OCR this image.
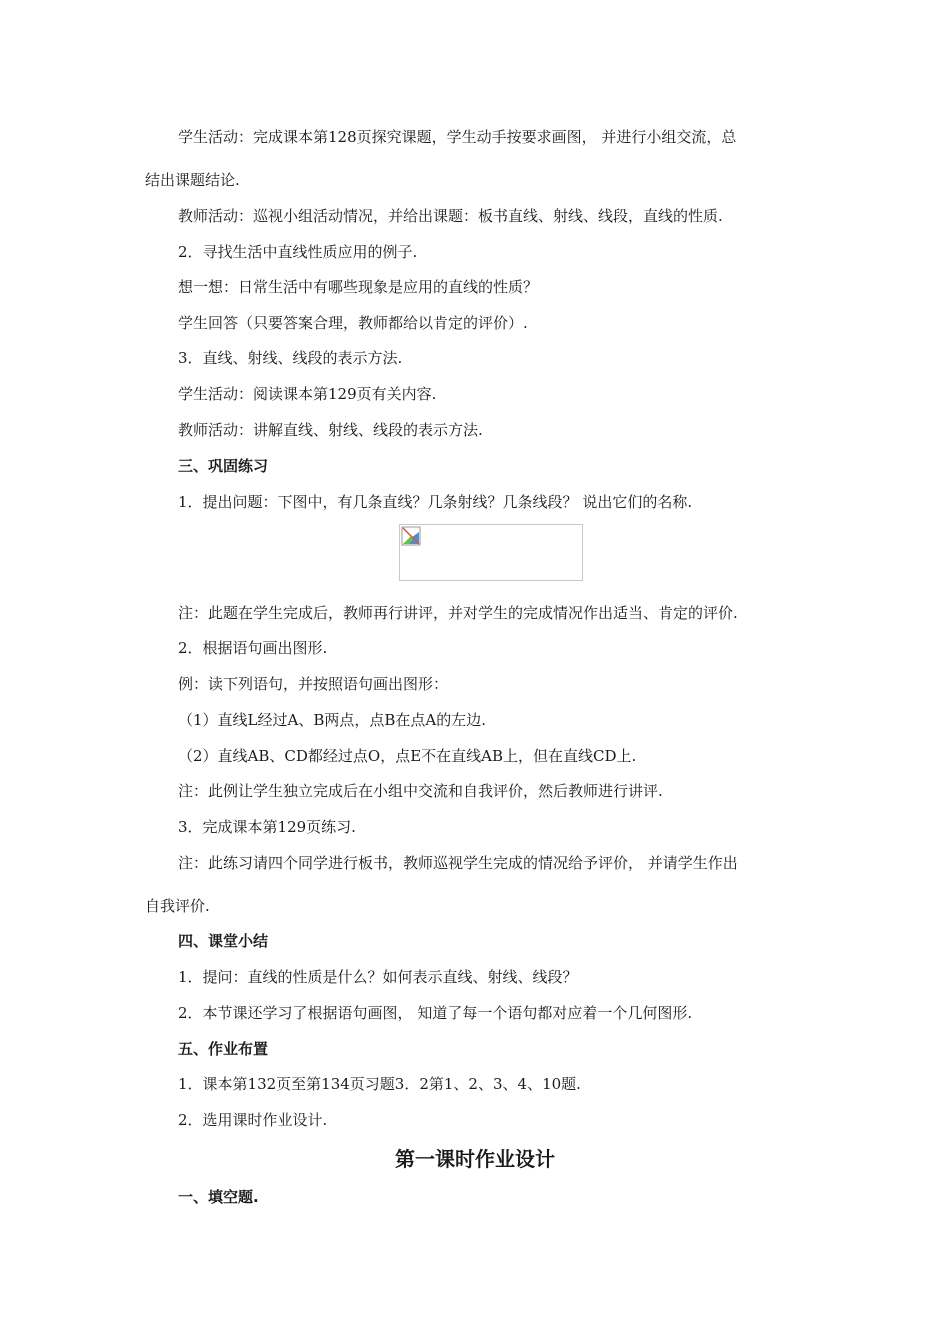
学生活动：完成课本第128页探究课题，学生动手按要求画图， 并进行小组交流，总
结出课题结论.
教师活动：巡视小组活动情况，并给出课题：板书直线、射线、线段，直线的性质.
2．寻找生活中直线性质应用的例子.
想一想：日常生活中有哪些现象是应用的直线的性质？
学生回答（只要答案合理，教师都给以肯定的评价）.
3．直线、射线、线段的表示方法.
学生活动：阅读课本第129页有关内容.
教师活动：讲解直线、射线、线段的表示方法.
三、巩固练习
1．提出问题：下图中，有几条直线？几条射线？几条线段？ 说出它们的名称.
注：此题在学生完成后，教师再行讲评，并对学生的完成情况作出适当、肯定的评价.
2．根据语句画出图形.
例：读下列语句，并按照语句画出图形：
（1）直线L经过A、B两点，点B在点A的左边.
（2）直线AB、CD都经过点O，点E不在直线AB上，但在直线CD上.
注：此例让学生独立完成后在小组中交流和自我评价，然后教师进行讲评.
3．完成课本第129页练习.
注：此练习请四个同学进行板书，教师巡视学生完成的情况给予评价， 并请学生作出
自我评价.
四、课堂小结
1．提问：直线的性质是什么？如何表示直线、射线、线段？
2．本节课还学习了根据语句画图， 知道了每一个语句都对应着一个几何图形.
五、作业布置
1．课本第132页至第134页习题3．2第1、2、3、4、10题.
2．选用课时作业设计.
第一课时作业设计
一、填空题.
